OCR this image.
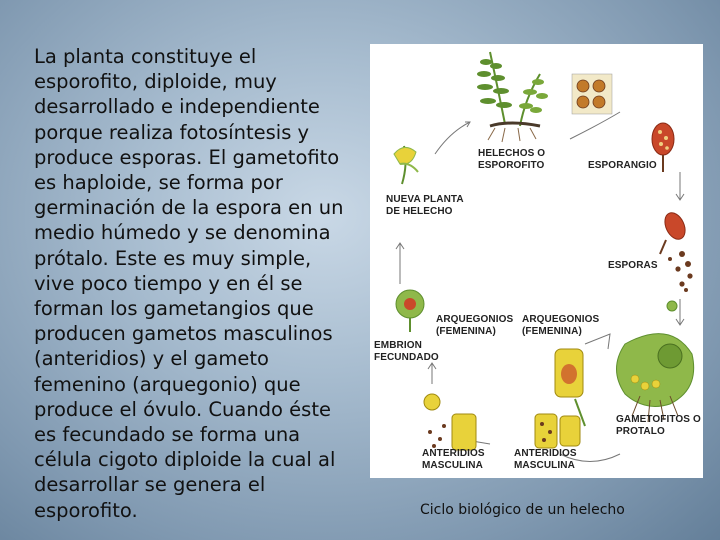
La planta constituye el
esporofito, diploide, muy
desarrollado e independiente
porque realiza fotosíntesis y
produce esporas. El gametofito
es haploide, se forma por
germinación de la espora en un
medio húmedo y se denomina
prótalo. Este es muy simple,
vive poco tiempo y en él se
forman los gametangios que
producen gametos masculinos
(anteridios) y el gameto
femenino (arquegonio) que
produce el óvulo. Cuando éste
es fecundado se forma una
célula cigoto diploide la cual al
desarrollar se genera el
esporofito.

HELECHOS O
ESPOROFITO	ESPORANGIO
NUEVA PLANTA
DE HELECHO
ESPORAS
ARQUEGONIOS
(FEMENINA)
ARQUEGONIOS
(FEMENINA)
EMBRION
FECUNDADO
GAMETOFITOS O
PROTALO
ANTERIDIOS
MASCULINA
ANTERIDIOS
MASCULINA

Ciclo biológico de un helecho
